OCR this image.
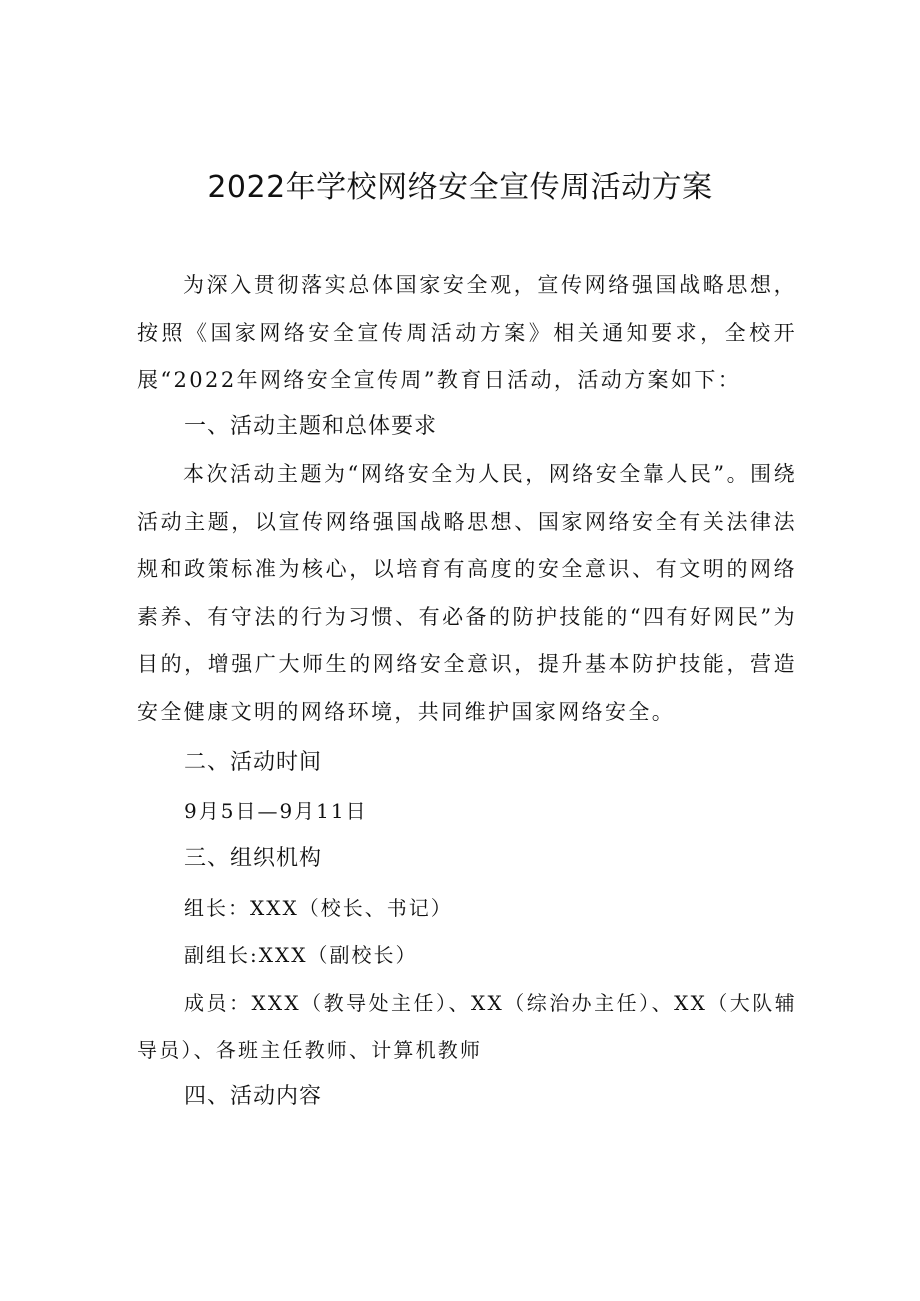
2022年学校网络安全宣传周活动方案

为深入贯彻落实总体国家安全观，宣传网络强国战略思想，按照《国家网络安全宣传周活动方案》相关通知要求，全校开展“2022年网络安全宣传周”教育日活动，活动方案如下：

一、活动主题和总体要求

本次活动主题为“网络安全为人民，网络安全靠人民”。围绕活动主题，以宣传网络强国战略思想、国家网络安全有关法律法规和政策标准为核心，以培育有高度的安全意识、有文明的网络素养、有守法的行为习惯、有必备的防护技能的“四有好网民”为目的，增强广大师生的网络安全意识，提升基本防护技能，营造安全健康文明的网络环境，共同维护国家网络安全。

二、活动时间

9月5日—9月11日

三、组织机构

组长：XXX（校长、书记）

副组长:XXX（副校长）

成员：XXX（教导处主任）、XX（综治办主任）、XX（大队辅导员）、各班主任教师、计算机教师

四、活动内容
